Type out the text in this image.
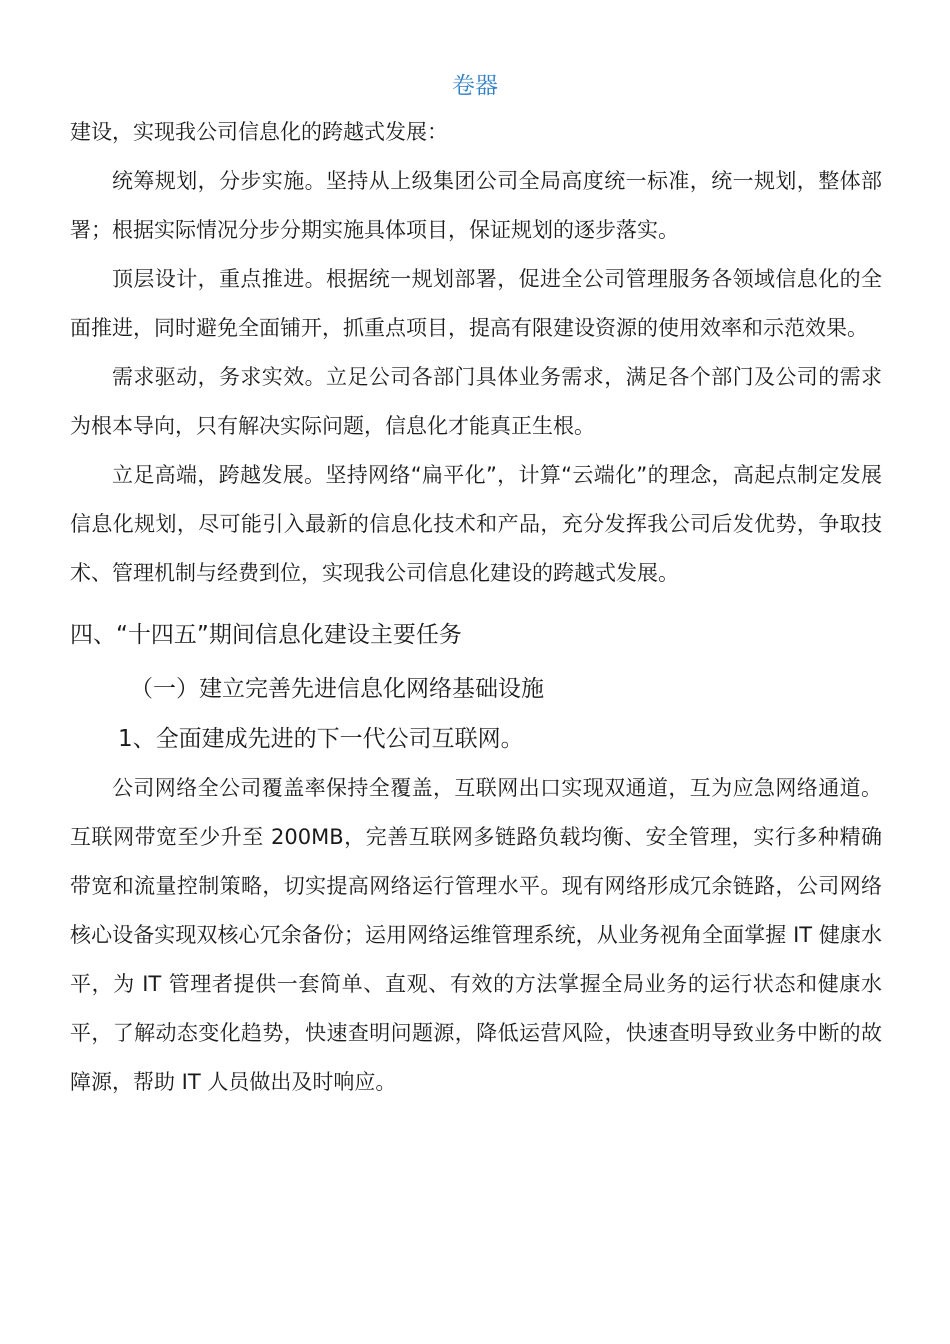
卷器

建设，实现我公司信息化的跨越式发展：

统筹规划，分步实施。坚持从上级集团公司全局高度统一标准，统一规划，整体部署；根据实际情况分步分期实施具体项目，保证规划的逐步落实。

顶层设计，重点推进。根据统一规划部署，促进全公司管理服务各领域信息化的全面推进，同时避免全面铺开，抓重点项目，提高有限建设资源的使用效率和示范效果。

需求驱动，务求实效。立足公司各部门具体业务需求，满足各个部门及公司的需求为根本导向，只有解决实际问题，信息化才能真正生根。

立足高端，跨越发展。坚持网络“扁平化”，计算“云端化”的理念，高起点制定发展信息化规划，尽可能引入最新的信息化技术和产品，充分发挥我公司后发优势，争取技术、管理机制与经费到位，实现我公司信息化建设的跨越式发展。

四、“十四五”期间信息化建设主要任务
（一）建立完善先进信息化网络基础设施
1、全面建成先进的下一代公司互联网。

公司网络全公司覆盖率保持全覆盖，互联网出口实现双通道，互为应急网络通道。互联网带宽至少升至 200MB，完善互联网多链路负载均衡、安全管理，实行多种精确带宽和流量控制策略，切实提高网络运行管理水平。现有网络形成冗余链路，公司网络核心设备实现双核心冗余备份；运用网络运维管理系统，从业务视角全面掌握 IT 健康水平，为 IT 管理者提供一套简单、直观、有效的方法掌握全局业务的运行状态和健康水平，了解动态变化趋势，快速查明问题源，降低运营风险，快速查明导致业务中断的故障源，帮助 IT 人员做出及时响应。
